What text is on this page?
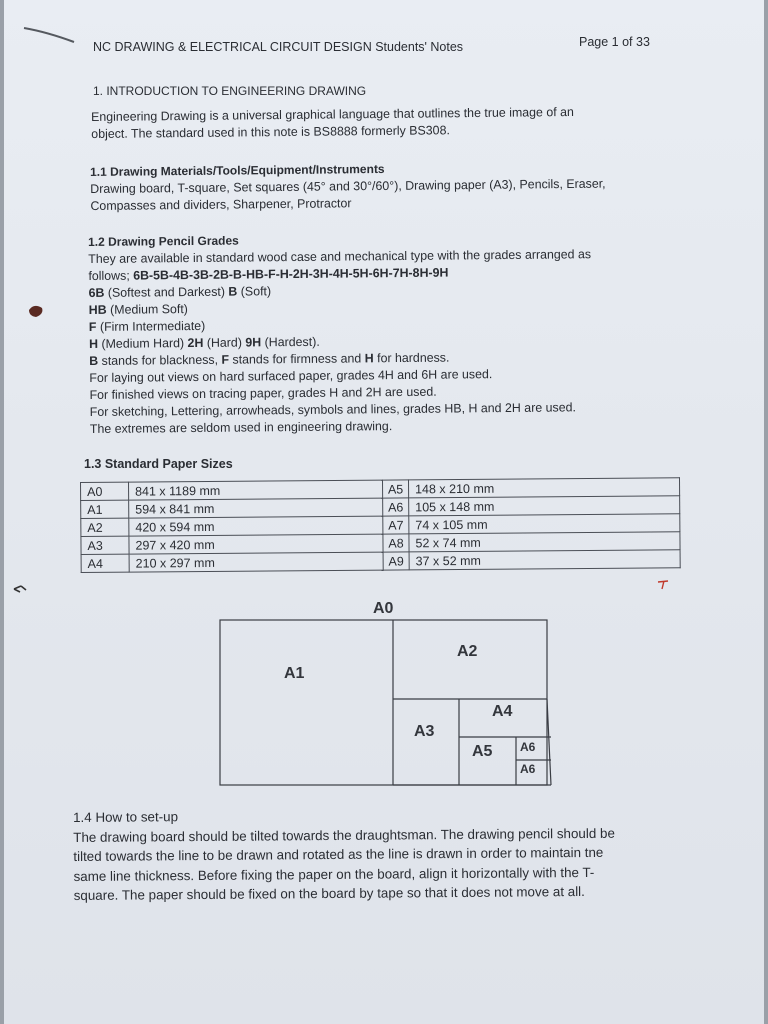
NC DRAWING & ELECTRICAL CIRCUIT DESIGN Students' Notes	Page 1 of 33
1. INTRODUCTION TO ENGINEERING DRAWING
Engineering Drawing is a universal graphical language that outlines the true image of an
object. The standard used in this note is BS8888 formerly BS308.
1.1 Drawing Materials/Tools/Equipment/Instruments
Drawing board, T-square, Set squares (45° and 30°/60°), Drawing paper (A3), Pencils, Eraser,
Compasses and dividers, Sharpener, Protractor
1.2 Drawing Pencil Grades
They are available in standard wood case and mechanical type with the grades arranged as
follows; 6B-5B-4B-3B-2B-B-HB-F-H-2H-3H-4H-5H-6H-7H-8H-9H
6B (Softest and Darkest) B (Soft)
HB (Medium Soft)
F (Firm Intermediate)
H (Medium Hard) 2H (Hard) 9H (Hardest).
B stands for blackness, F stands for firmness and H for hardness.
For laying out views on hard surfaced paper, grades 4H and 6H are used.
For finished views on tracing paper, grades H and 2H are used.
For sketching, Lettering, arrowheads, symbols and lines, grades HB, H and 2H are used.
The extremes are seldom used in engineering drawing.
1.3 Standard Paper Sizes
A0	841 x 1189 mm	A5	148 x 210 mm
A1	594 x 841 mm	A6	105 x 148 mm
A2	420 x 594 mm	A7	74 x 105 mm
A3	297 x 420 mm	A8	52 x 74 mm
A4	210 x 297 mm	A9	37 x 52 mm
A0
A1
A2
A3
A4
A5 A6
A6
1.4 How to set-up
The drawing board should be tilted towards the draughtsman. The drawing pencil should be
tilted towards the line to be drawn and rotated as the line is drawn in order to maintain tne
same line thickness. Before fixing the paper on the board, align it horizontally with the T-
square. The paper should be fixed on the board by tape so that it does not move at all.
